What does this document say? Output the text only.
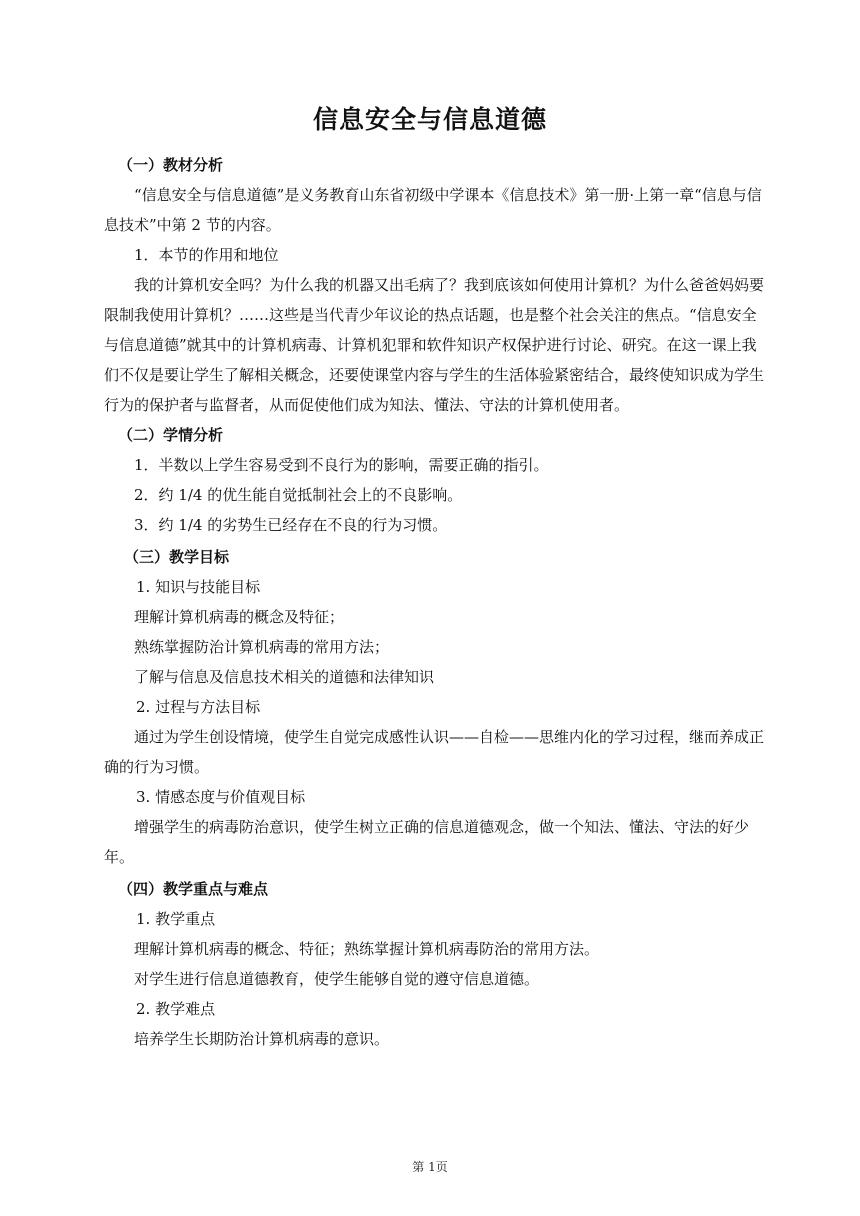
信息安全与信息道德

（一）教材分析

“信息安全与信息道德”是义务教育山东省初级中学课本《信息技术》第一册·上第一章“信息与信息技术”中第 2 节的内容。

1．本节的作用和地位

我的计算机安全吗？为什么我的机器又出毛病了？我到底该如何使用计算机？为什么爸爸妈妈要限制我使用计算机？……这些是当代青少年议论的热点话题，也是整个社会关注的焦点。“信息安全与信息道德”就其中的计算机病毒、计算机犯罪和软件知识产权保护进行讨论、研究。在这一课上我们不仅是要让学生了解相关概念，还要使课堂内容与学生的生活体验紧密结合，最终使知识成为学生行为的保护者与监督者，从而促使他们成为知法、懂法、守法的计算机使用者。

（二）学情分析

1．半数以上学生容易受到不良行为的影响，需要正确的指引。

2．约 1/4 的优生能自觉抵制社会上的不良影响。

3．约 1/4 的劣势生已经存在不良的行为习惯。

（三）教学目标

1. 知识与技能目标

理解计算机病毒的概念及特征；

熟练掌握防治计算机病毒的常用方法；

了解与信息及信息技术相关的道德和法律知识

2. 过程与方法目标

通过为学生创设情境，使学生自觉完成感性认识——自检——思维内化的学习过程，继而养成正确的行为习惯。

3. 情感态度与价值观目标

增强学生的病毒防治意识，使学生树立正确的信息道德观念，做一个知法、懂法、守法的好少年。

（四）教学重点与难点

1. 教学重点

理解计算机病毒的概念、特征；熟练掌握计算机病毒防治的常用方法。

对学生进行信息道德教育，使学生能够自觉的遵守信息道德。

2. 教学难点

培养学生长期防治计算机病毒的意识。

第 1页
